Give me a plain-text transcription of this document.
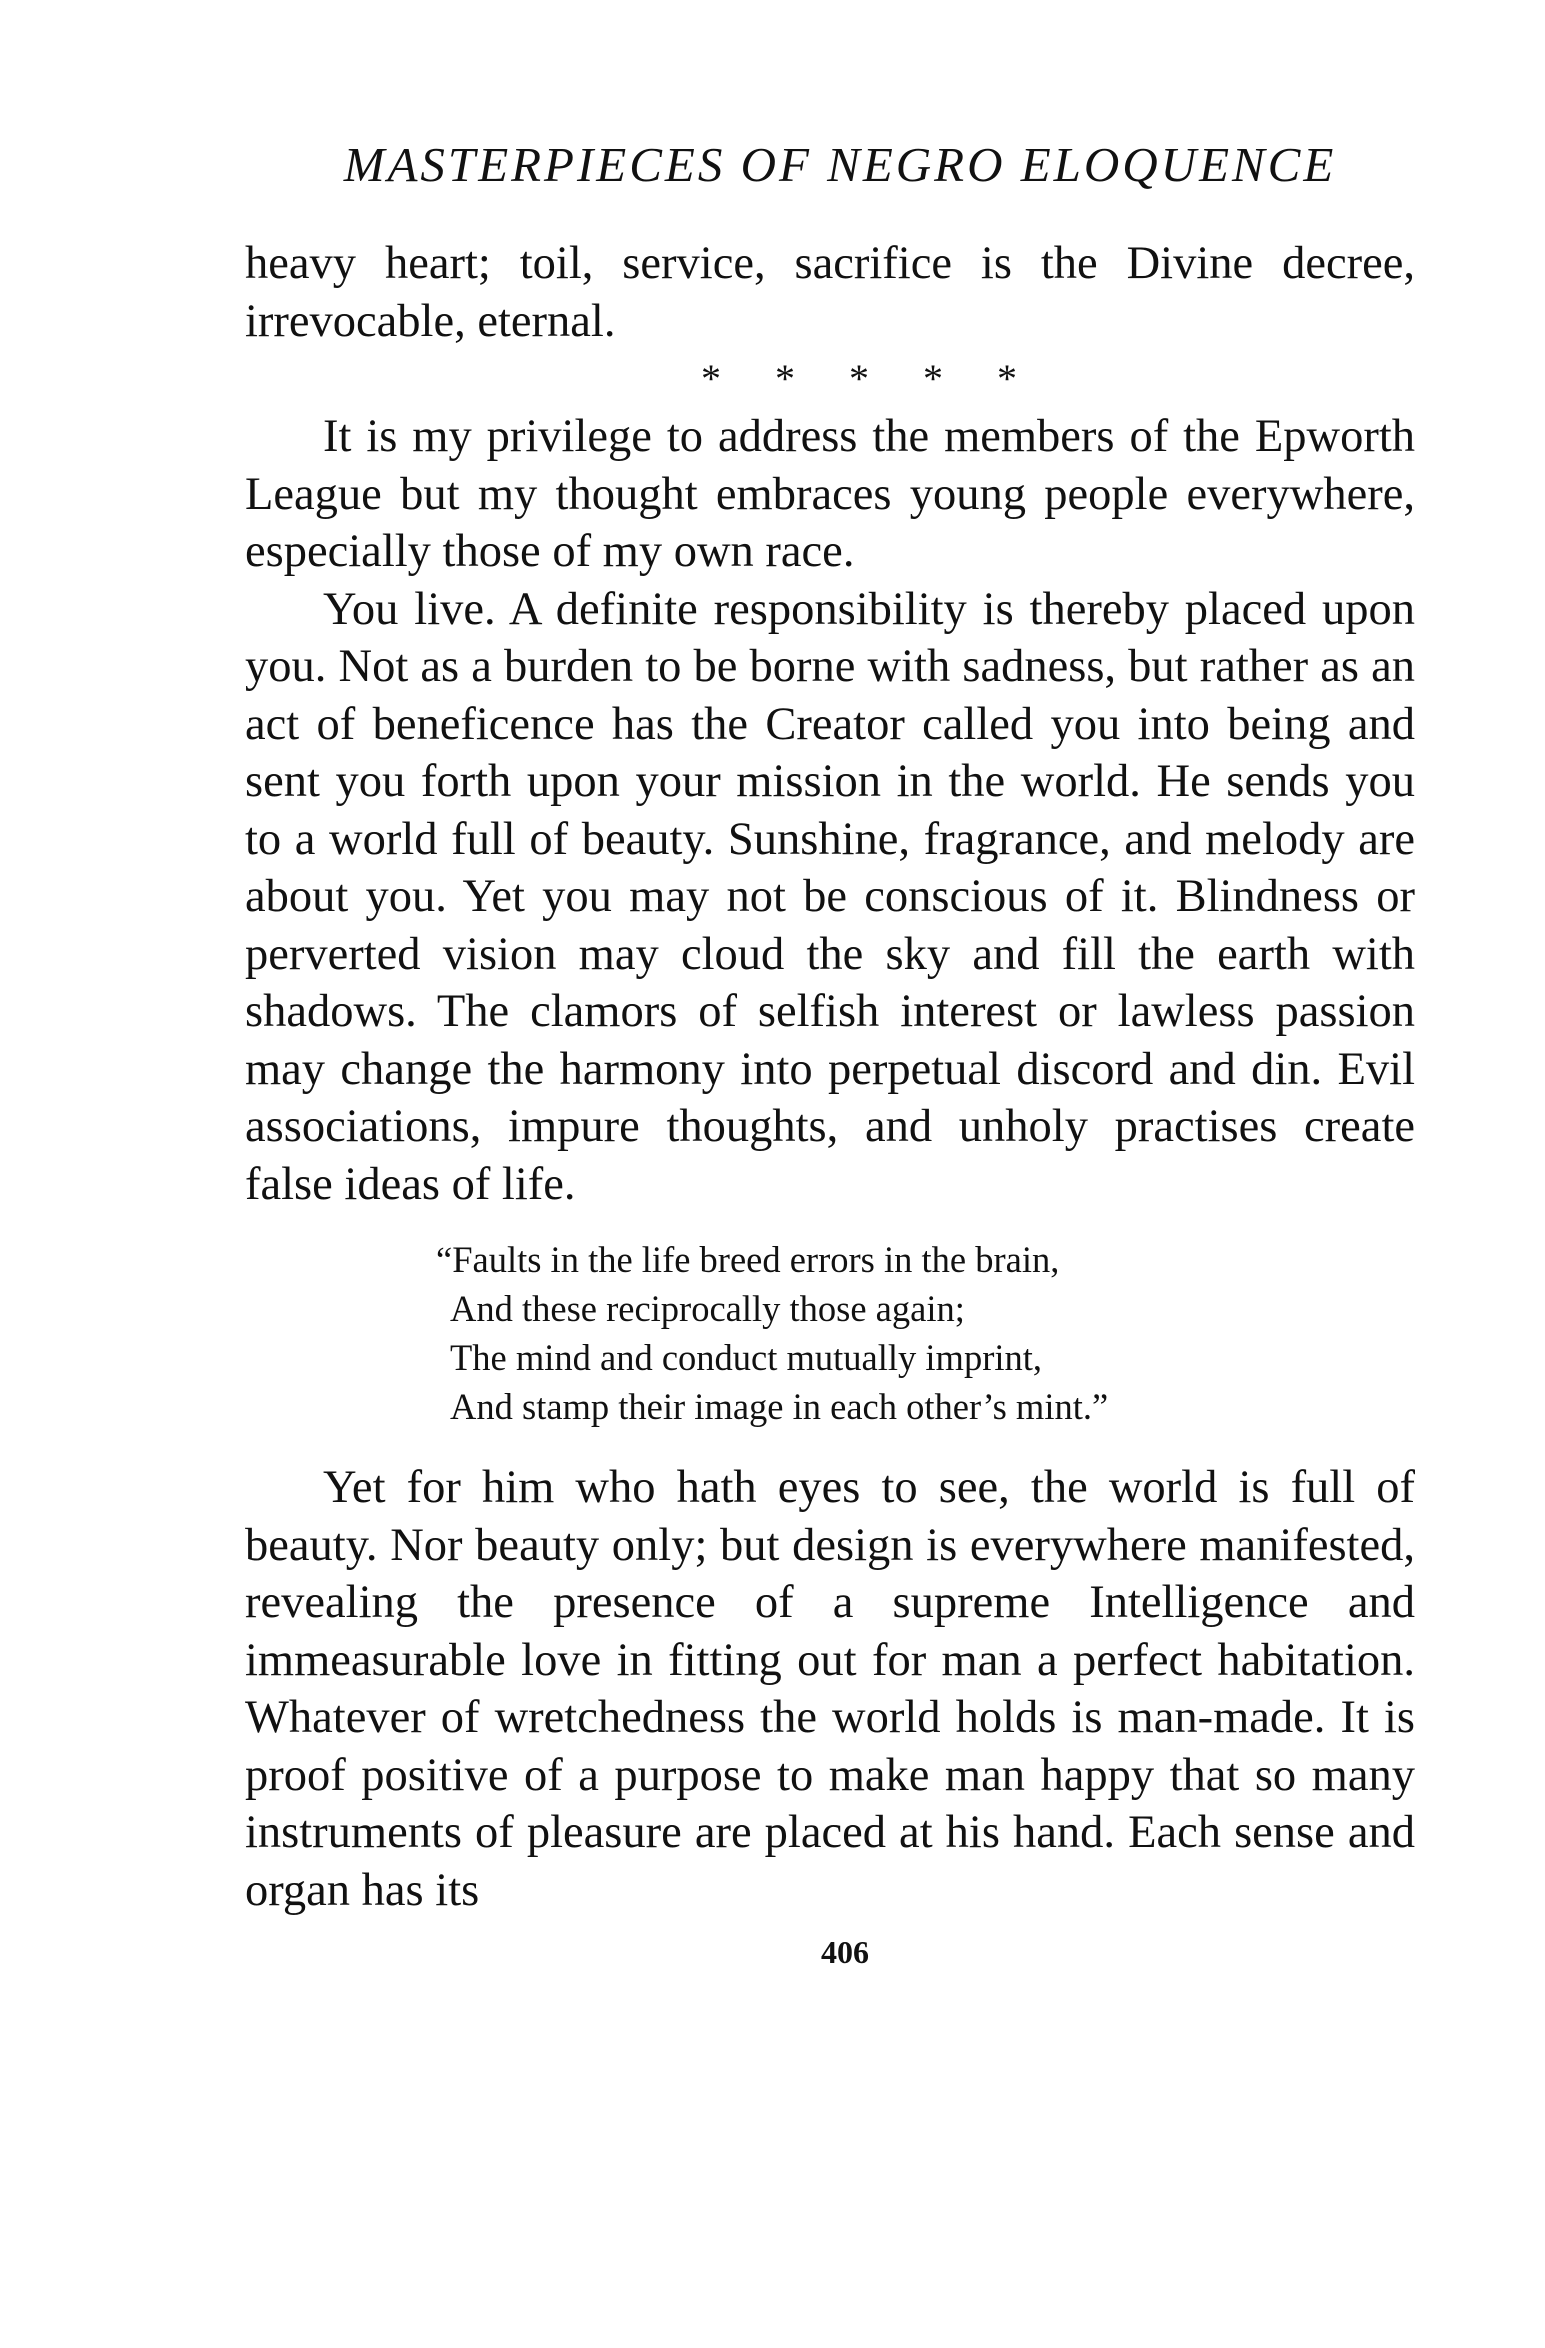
MASTERPIECES OF NEGRO ELOQUENCE

heavy heart; toil, service, sacrifice is the Divine decree, irrevocable, eternal.

* * * * *

It is my privilege to address the members of the Epworth League but my thought embraces young people everywhere, especially those of my own race.

You live. A definite responsibility is thereby placed upon you. Not as a burden to be borne with sadness, but rather as an act of beneficence has the Creator called you into being and sent you forth upon your mission in the world. He sends you to a world full of beauty. Sunshine, fragrance, and melody are about you. Yet you may not be conscious of it. Blindness or perverted vision may cloud the sky and fill the earth with shadows. The clamors of selfish interest or lawless passion may change the harmony into perpetual discord and din. Evil associations, impure thoughts, and unholy practises create false ideas of life.

“Faults in the life breed errors in the brain,
And these reciprocally those again;
The mind and conduct mutually imprint,
And stamp their image in each other’s mint.”

Yet for him who hath eyes to see, the world is full of beauty. Nor beauty only; but design is everywhere manifested, revealing the presence of a supreme Intelligence and immeasurable love in fitting out for man a perfect habitation. Whatever of wretchedness the world holds is man-made. It is proof positive of a purpose to make man happy that so many instruments of pleasure are placed at his hand. Each sense and organ has its

406
